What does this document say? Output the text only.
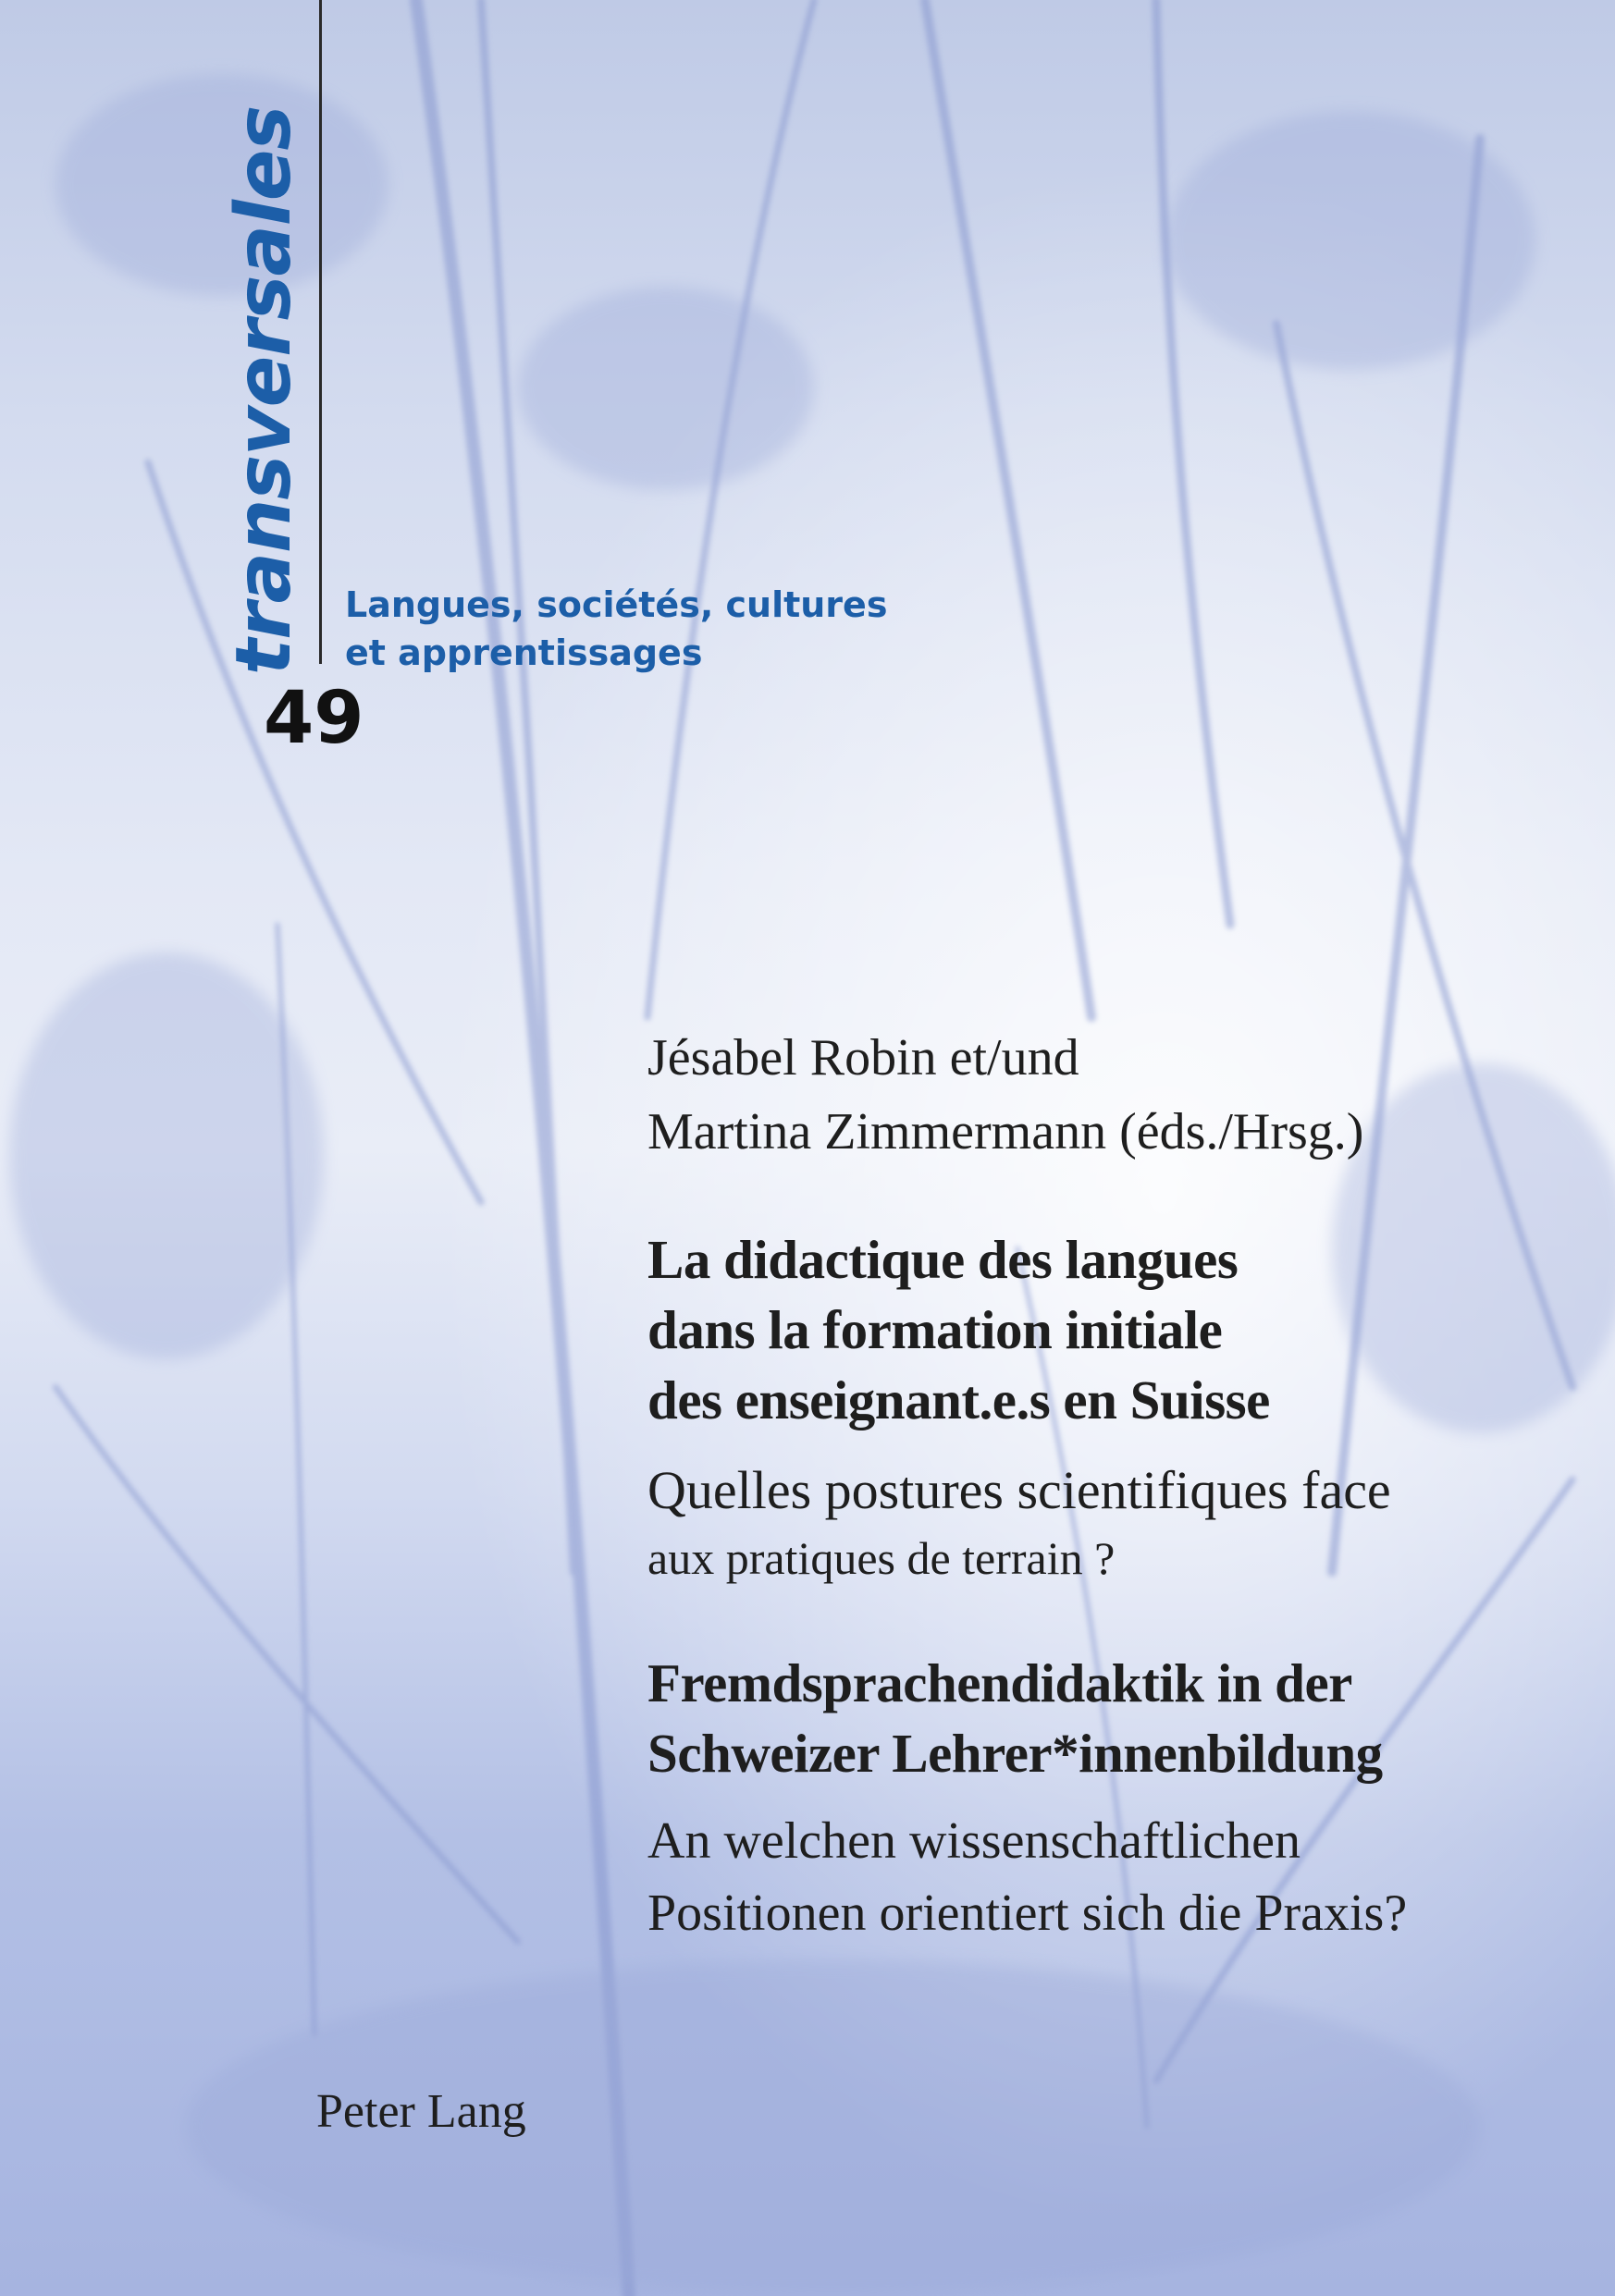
transversales Langues, sociétés, cultures
et apprentissages
49
Jésabel Robin et/und
Martina Zimmermann (éds./Hrsg.)
La didactique des langues
dans la formation initiale
des enseignant.e.s en Suisse
Quelles postures scientifiques face
aux pratiques de terrain ?
Fremdsprachendidaktik in der
Schweizer Lehrer*innenbildung
An welchen wissenschaftlichen
Positionen orientiert sich die Praxis?
Peter Lang
